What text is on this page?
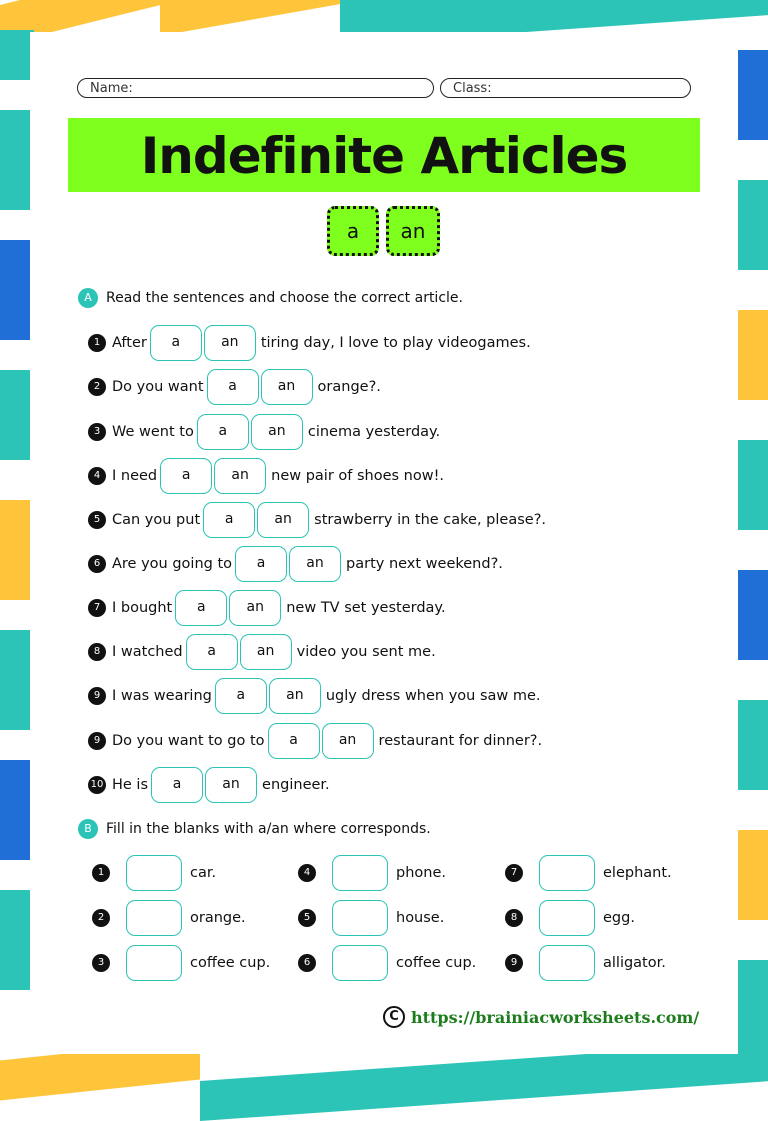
Name:	Class:
Indefinite Articles
a	an
A	Read the sentences and choose the correct article.
1 After	a	an	tiring day, I love to play videogames.
2 Do you want	a	an	orange?.
3 We went to	a	an	cinema yesterday.
4 I need	a	an	new pair of shoes now!.
5 Can you put	a	an	strawberry in the cake, please?.
6 Are you going to	a	an	party next weekend?.
7 I bought	a	an	new TV set yesterday.
8 I watched	a	an	video you sent me.
9 I was wearing	a	an	ugly dress when you saw me.
9 Do you want to go to	a	an	restaurant for dinner?.
10 He is	a	an	engineer.
B	Fill in the blanks with a/an where corresponds.
1	car.
2	orange.
3	coffee cup.
4	phone.
5	house.
6	coffee cup.
7	elephant.
8	egg.
9	alligator.
C https://brainiacworksheets.com/
